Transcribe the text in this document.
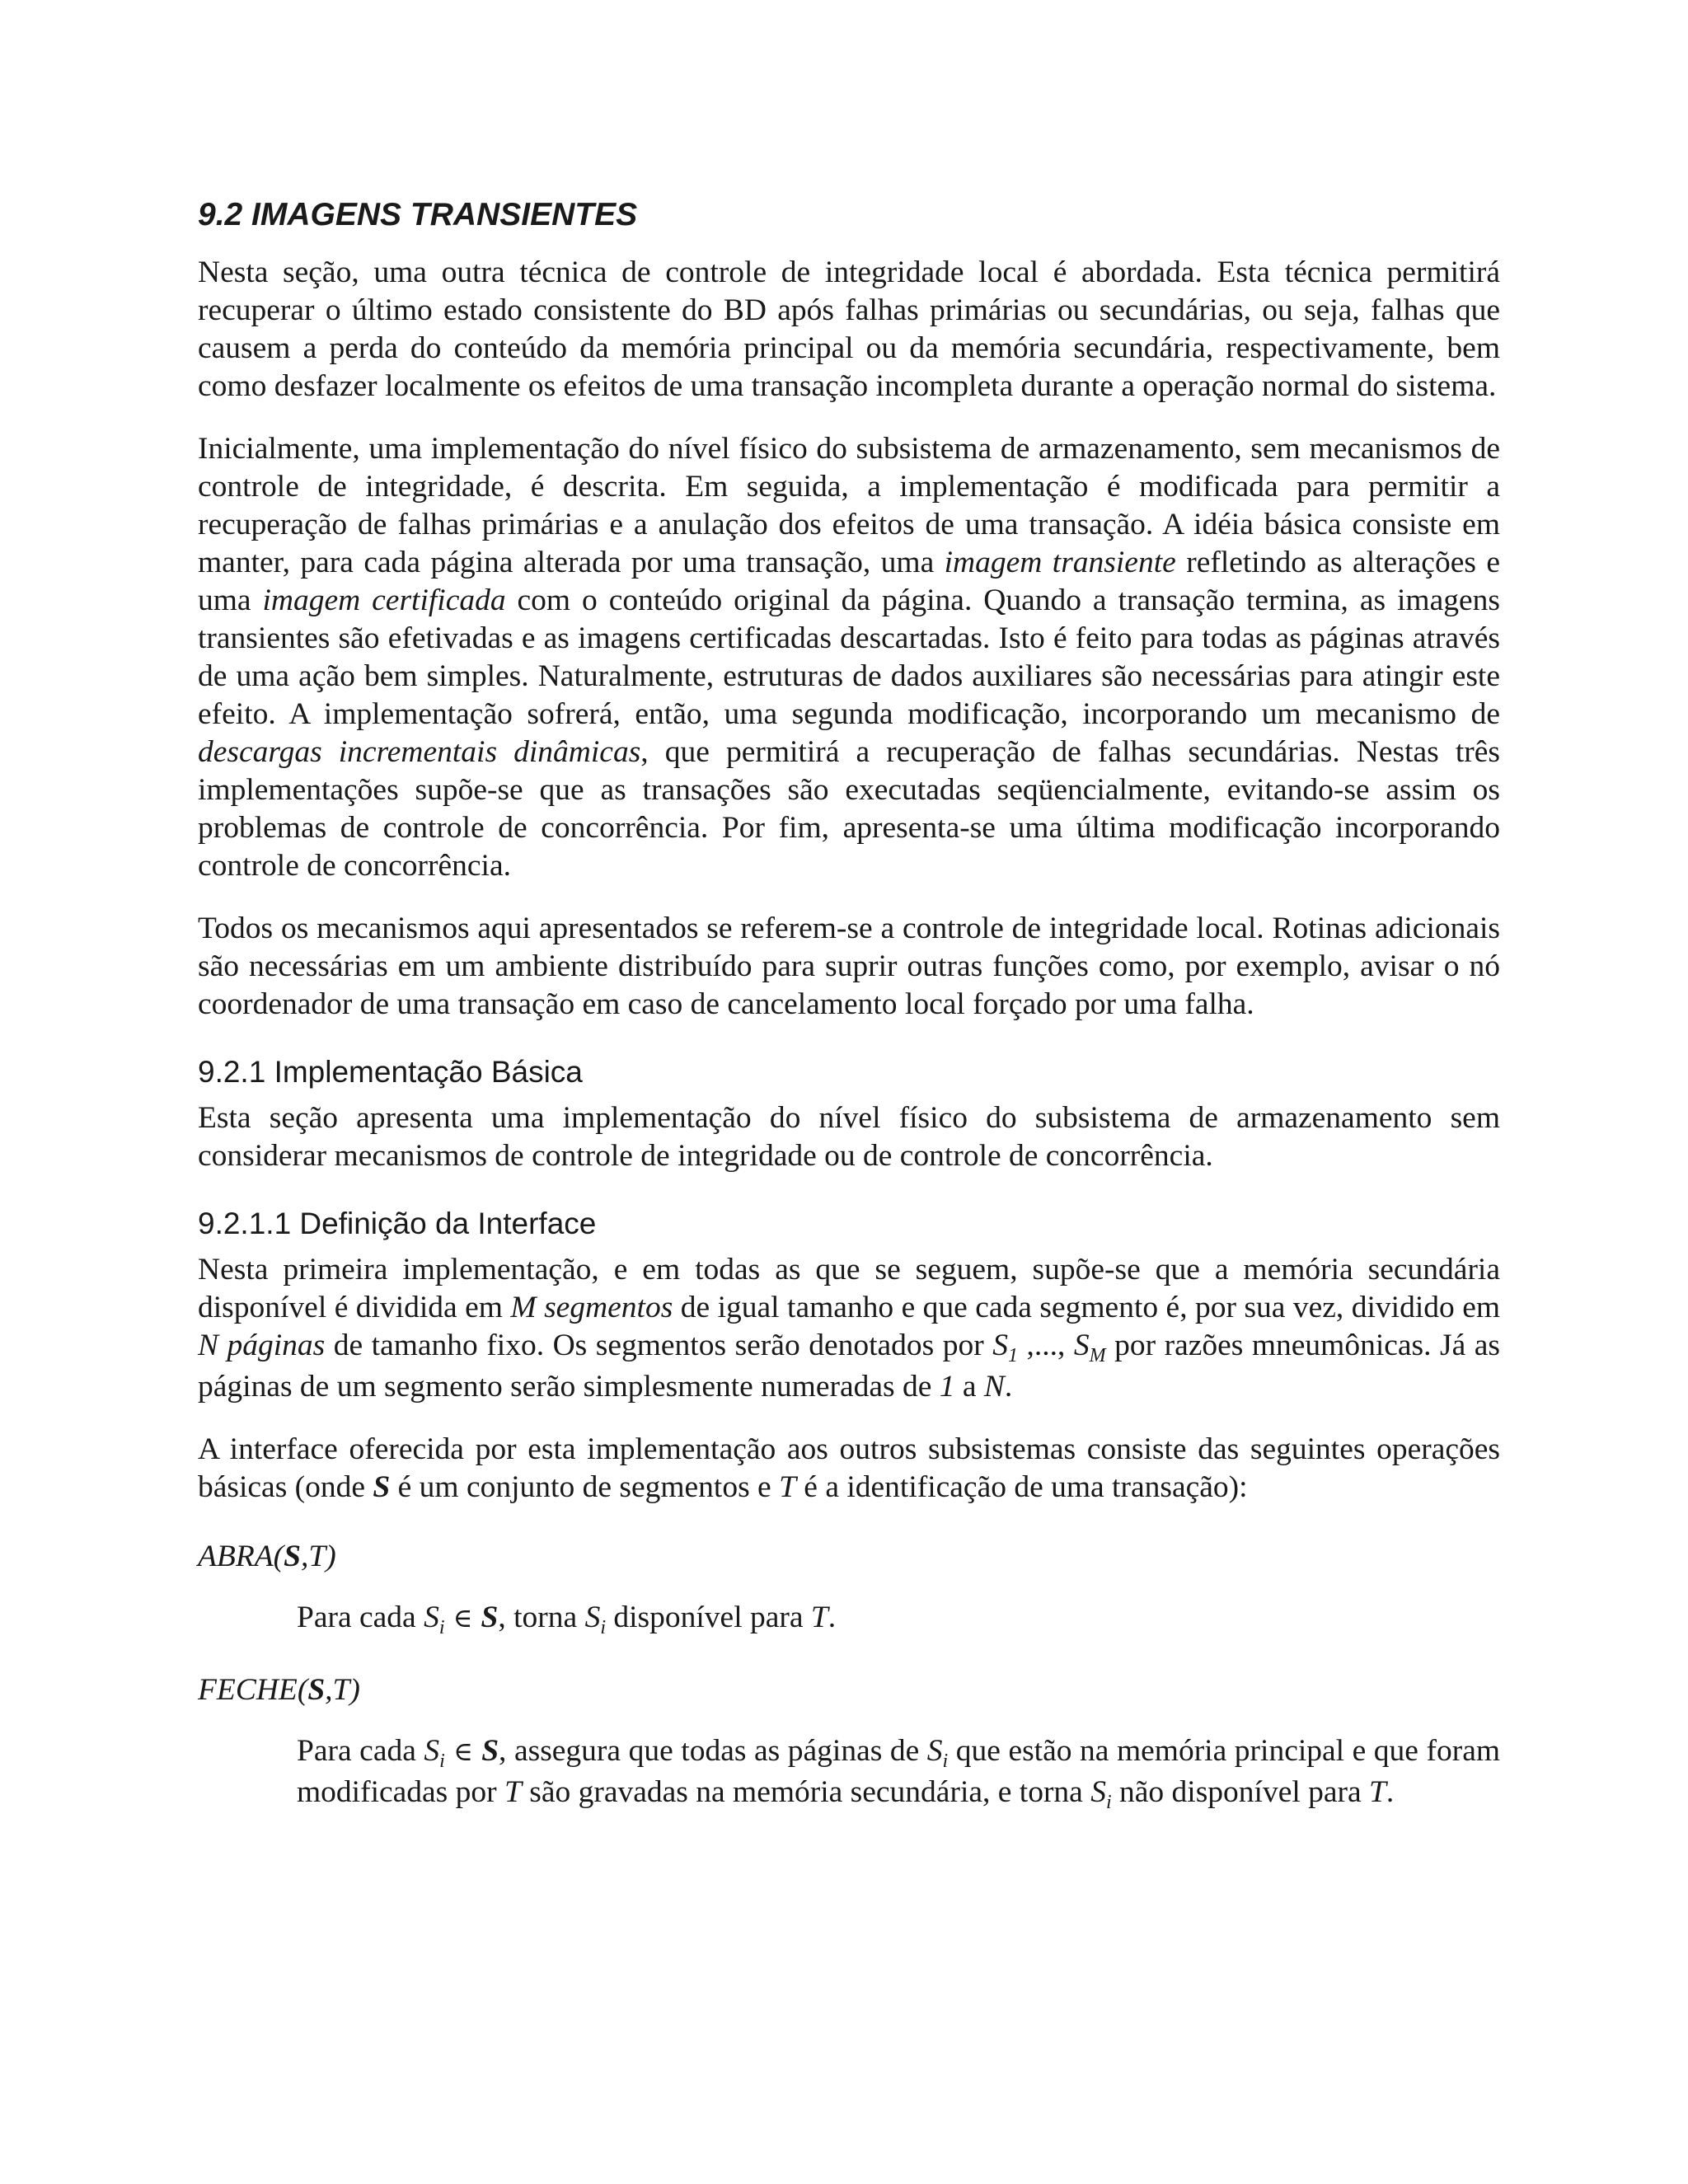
9.2 IMAGENS TRANSIENTES

Nesta seção, uma outra técnica de controle de integridade local é abordada. Esta técnica permitirá recuperar o último estado consistente do BD após falhas primárias ou secundárias, ou seja, falhas que causem a perda do conteúdo da memória principal ou da memória secundária, respectivamente, bem como desfazer localmente os efeitos de uma transação incompleta durante a operação normal do sistema.

Inicialmente, uma implementação do nível físico do subsistema de armazenamento, sem mecanismos de controle de integridade, é descrita. Em seguida, a implementação é modificada para permitir a recuperação de falhas primárias e a anulação dos efeitos de uma transação. A idéia básica consiste em manter, para cada página alterada por uma transação, uma imagem transiente refletindo as alterações e uma imagem certificada com o conteúdo original da página. Quando a transação termina, as imagens transientes são efetivadas e as imagens certificadas descartadas. Isto é feito para todas as páginas através de uma ação bem simples. Naturalmente, estruturas de dados auxiliares são necessárias para atingir este efeito. A implementação sofrerá, então, uma segunda modificação, incorporando um mecanismo de descargas incrementais dinâmicas, que permitirá a recuperação de falhas secundárias. Nestas três implementações supõe-se que as transações são executadas seqüencialmente, evitando-se assim os problemas de controle de concorrência. Por fim, apresenta-se uma última modificação incorporando controle de concorrência.

Todos os mecanismos aqui apresentados se referem-se a controle de integridade local. Rotinas adicionais são necessárias em um ambiente distribuído para suprir outras funções como, por exemplo, avisar o nó coordenador de uma transação em caso de cancelamento local forçado por uma falha.

9.2.1 Implementação Básica

Esta seção apresenta uma implementação do nível físico do subsistema de armazenamento sem considerar mecanismos de controle de integridade ou de controle de concorrência.

9.2.1.1 Definição da Interface

Nesta primeira implementação, e em todas as que se seguem, supõe-se que a memória secundária disponível é dividida em M segmentos de igual tamanho e que cada segmento é, por sua vez, dividido em N páginas de tamanho fixo. Os segmentos serão denotados por $S_1$ ,..., $S_M$ por razões mneumônicas. Já as páginas de um segmento serão simplesmente numeradas de 1 a N.

A interface oferecida por esta implementação aos outros subsistemas consiste das seguintes operações básicas (onde S é um conjunto de segmentos e T é a identificação de uma transação):

ABRA(S,T)

Para cada $S_i$ ∈ S, torna $S_i$ disponível para T.

FECHE(S,T)

Para cada $S_i$ ∈ S, assegura que todas as páginas de $S_i$ que estão na memória principal e que foram modificadas por T são gravadas na memória secundária, e torna $S_i$ não disponível para T.
